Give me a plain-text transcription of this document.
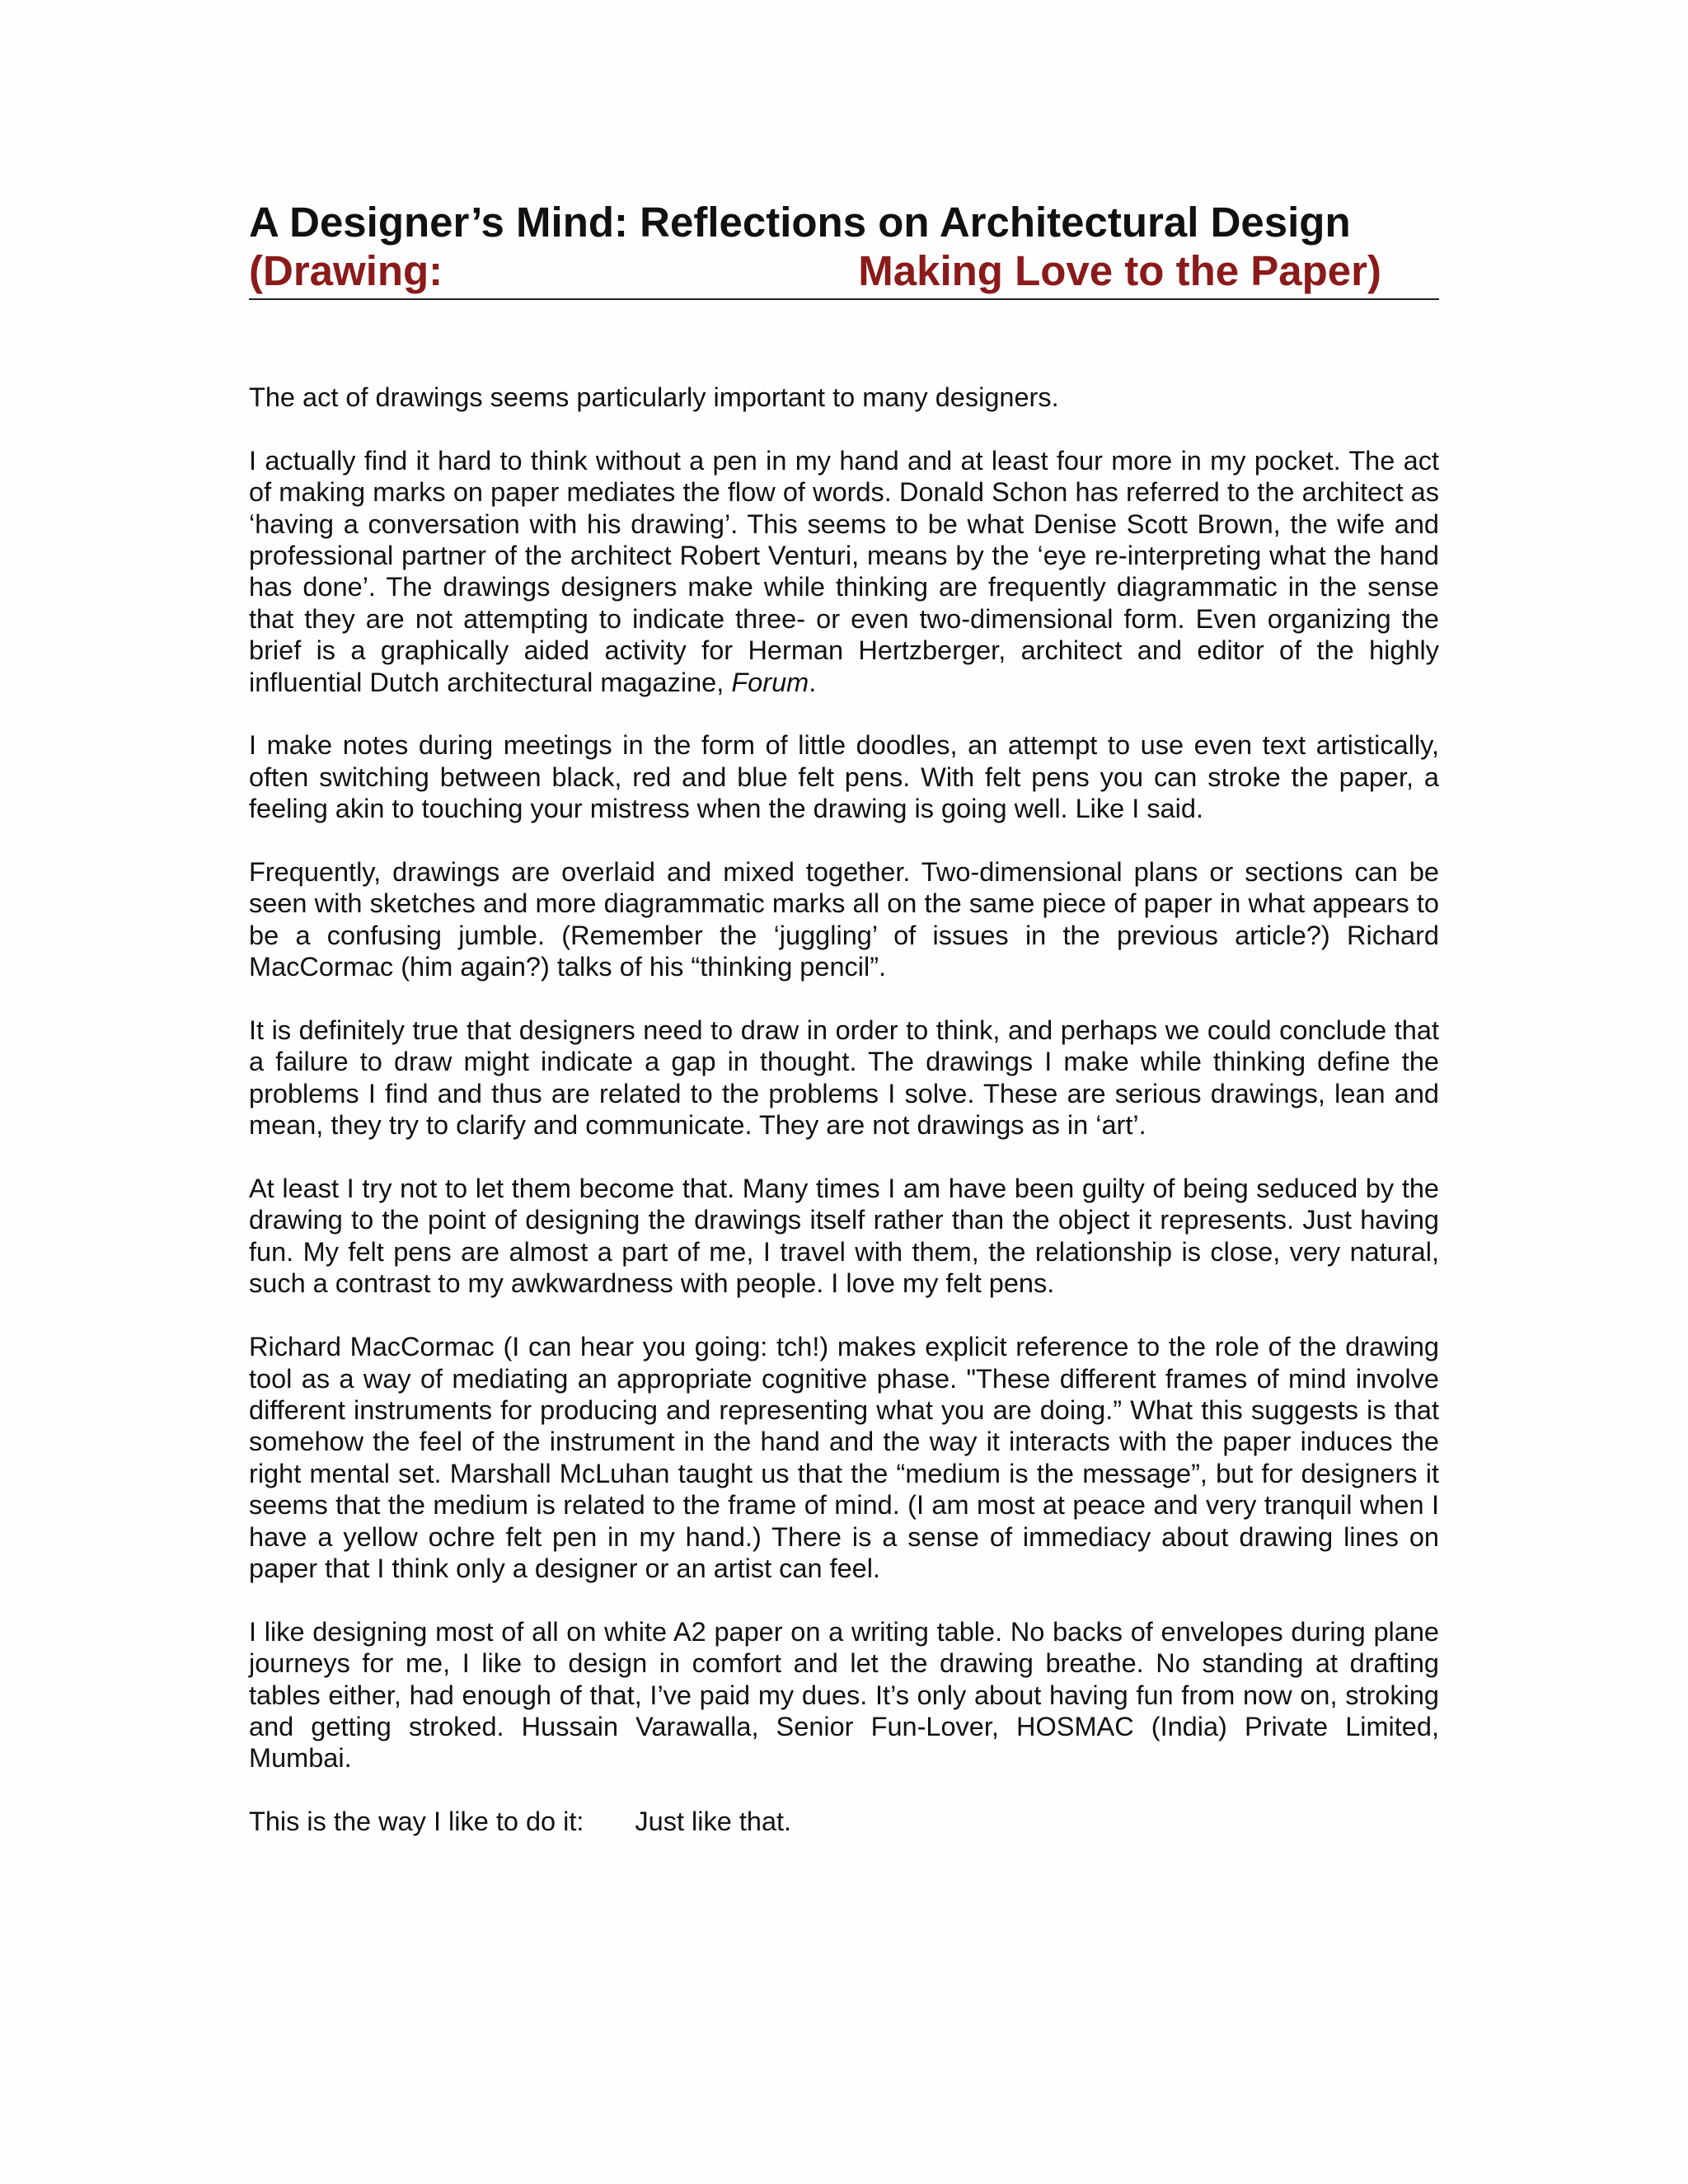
A Designer’s Mind: Reflections on Architectural Design
(Drawing:	Making Love to the Paper)

The act of drawings seems particularly important to many designers.

I actually find it hard to think without a pen in my hand and at least four more in my pocket. The act of making marks on paper mediates the flow of words. Donald Schon has referred to the architect as ‘having a conversation with his drawing’. This seems to be what Denise Scott Brown, the wife and professional partner of the architect Robert Venturi, means by the ‘eye re-interpreting what the hand has done’. The drawings designers make while thinking are frequently diagrammatic in the sense that they are not attempting to indicate three- or even two-dimensional form. Even organizing the brief is a graphically aided activity for Herman Hertzberger, architect and editor of the highly influential Dutch architectural magazine, Forum.

I make notes during meetings in the form of little doodles, an attempt to use even text artistically, often switching between black, red and blue felt pens. With felt pens you can stroke the paper, a feeling akin to touching your mistress when the drawing is going well. Like I said.

Frequently, drawings are overlaid and mixed together. Two-dimensional plans or sections can be seen with sketches and more diagrammatic marks all on the same piece of paper in what appears to be a confusing jumble. (Remember the ‘juggling’ of issues in the previous article?) Richard MacCormac (him again?) talks of his “thinking pencil”.

It is definitely true that designers need to draw in order to think, and perhaps we could conclude that a failure to draw might indicate a gap in thought. The drawings I make while thinking define the problems I find and thus are related to the problems I solve. These are serious drawings, lean and mean, they try to clarify and communicate. They are not drawings as in ‘art’.

At least I try not to let them become that. Many times I am have been guilty of being seduced by the drawing to the point of designing the drawings itself rather than the object it represents. Just having fun. My felt pens are almost a part of me, I travel with them, the relationship is close, very natural, such a contrast to my awkwardness with people. I love my felt pens.

Richard MacCormac (I can hear you going: tch!) makes explicit reference to the role of the drawing tool as a way of mediating an appropriate cognitive phase. "These different frames of mind involve different instruments for producing and representing what you are doing.” What this suggests is that somehow the feel of the instrument in the hand and the way it interacts with the paper induces the right mental set. Marshall McLuhan taught us that the “medium is the message”, but for designers it seems that the medium is related to the frame of mind. (I am most at peace and very tranquil when I have a yellow ochre felt pen in my hand.) There is a sense of immediacy about drawing lines on paper that I think only a designer or an artist can feel.

I like designing most of all on white A2 paper on a writing table. No backs of envelopes during plane journeys for me, I like to design in comfort and let the drawing breathe. No standing at drafting tables either, had enough of that, I’ve paid my dues. It’s only about having fun from now on, stroking and getting stroked. Hussain Varawalla, Senior Fun-Lover, HOSMAC (India) Private Limited, Mumbai.

This is the way I like to do it: Just like that.
